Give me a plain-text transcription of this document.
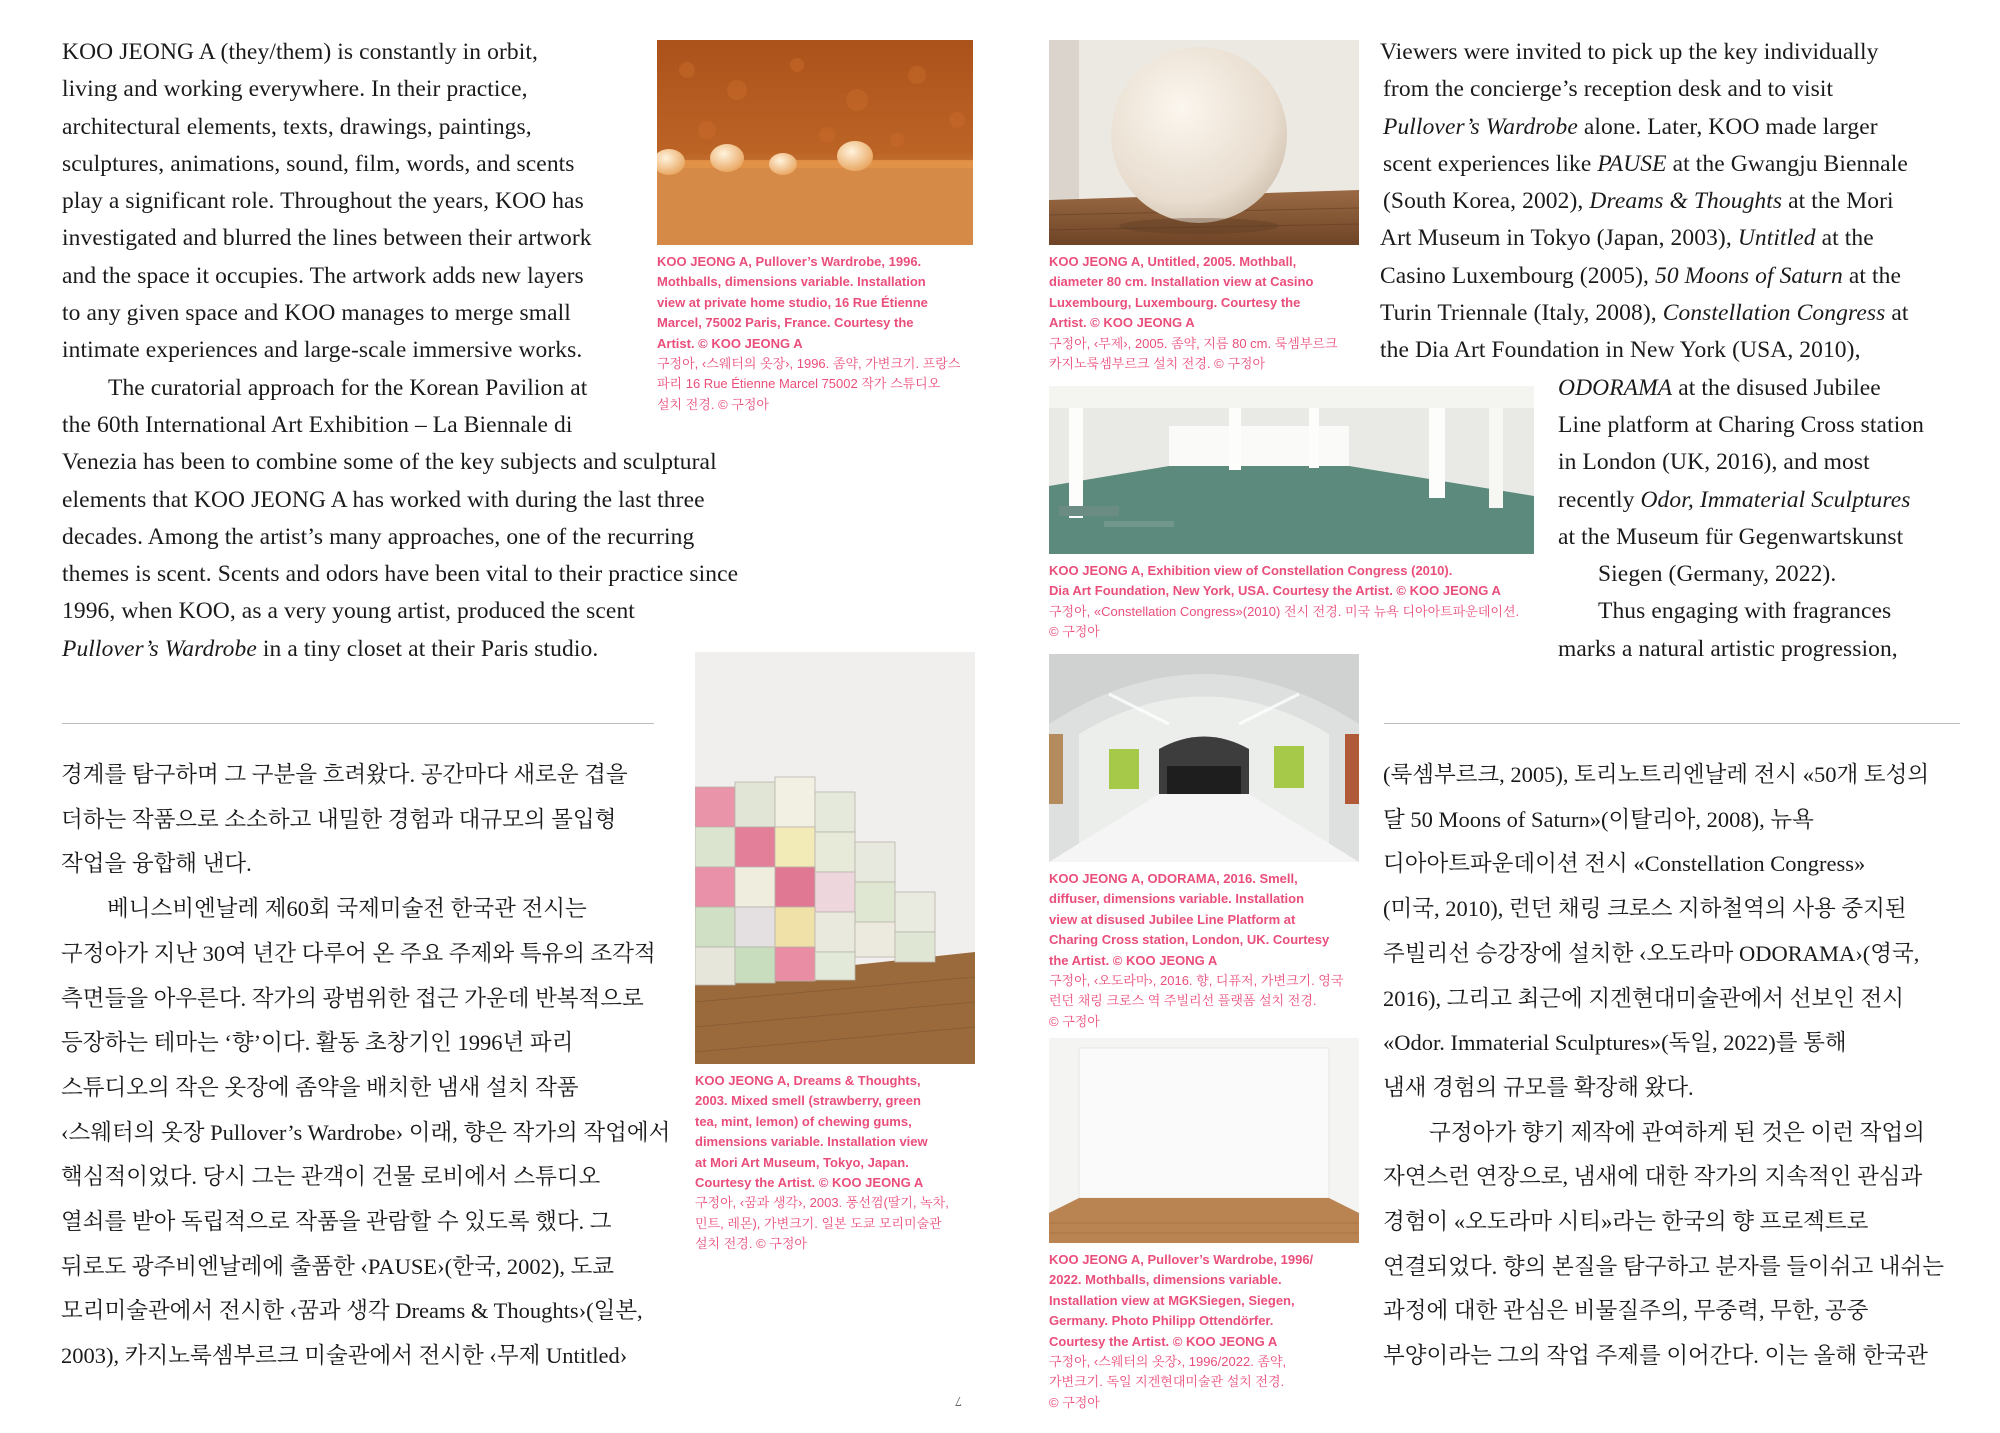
KOO JEONG A (they/them) is constantly in orbit,

living and working everywhere. In their practice,

architectural elements, texts, drawings, paintings,

sculptures, animations, sound, film, words, and scents

play a significant role. Throughout the years, KOO has

investigated and blurred the lines between their artwork

and the space it occupies. The artwork adds new layers

to any given space and KOO manages to merge small

intimate experiences and large-scale immersive works.

The curatorial approach for the Korean Pavilion at

the 60th International Art Exhibition – La Biennale di

Venezia has been to combine some of the key subjects and sculptural

elements that KOO JEONG A has worked with during the last three

decades. Among the artist’s many approaches, one of the recurring

themes is scent. Scents and odors have been vital to their practice since

1996, when KOO, as a very young artist, produced the scent

Pullover’s Wardrobe in a tiny closet at their Paris studio.

Viewers were invited to pick up the key individually

from the concierge’s reception desk and to visit

Pullover’s Wardrobe alone. Later, KOO made larger

scent experiences like PAUSE at the Gwangju Biennale

(South Korea, 2002), Dreams & Thoughts at the Mori

Art Museum in Tokyo (Japan, 2003), Untitled at the

Casino Luxembourg (2005), 50 Moons of Saturn at the

Turin Triennale (Italy, 2008), Constellation Congress at

the Dia Art Foundation in New York (USA, 2010),

ODORAMA at the disused Jubilee

Line platform at Charing Cross station

in London (UK, 2016), and most

recently Odor, Immaterial Sculptures

at the Museum für Gegenwartskunst

Siegen (Germany, 2022).

Thus engaging with fragrances

marks a natural artistic progression,

경계를 탐구하며 그 구분을 흐려왔다. 공간마다 새로운 겹을

더하는 작품으로 소소하고 내밀한 경험과 대규모의 몰입형

작업을 융합해 낸다.

베니스비엔날레 제60회 국제미술전 한국관 전시는

구정아가 지난 30여 년간 다루어 온 주요 주제와 특유의 조각적

측면들을 아우른다. 작가의 광범위한 접근 가운데 반복적으로

등장하는 테마는 ‘향’이다. 활동 초창기인 1996년 파리

스튜디오의 작은 옷장에 좀약을 배치한 냄새 설치 작품

‹스웨터의 옷장 Pullover’s Wardrobe› 이래, 향은 작가의 작업에서

핵심적이었다. 당시 그는 관객이 건물 로비에서 스튜디오

열쇠를 받아 독립적으로 작품을 관람할 수 있도록 했다. 그

뒤로도 광주비엔날레에 출품한 ‹PAUSE›(한국, 2002), 도쿄

모리미술관에서 전시한 ‹꿈과 생각 Dreams & Thoughts›(일본,

2003), 카지노룩셈부르크 미술관에서 전시한 ‹무제 Untitled›

(룩셈부르크, 2005), 토리노트리엔날레 전시 «50개 토성의

달 50 Moons of Saturn»(이탈리아, 2008), 뉴욕

디아아트파운데이션 전시 «Constellation Congress»

(미국, 2010), 런던 채링 크로스 지하철역의 사용 중지된

주빌리선 승강장에 설치한 ‹오도라마 ODORAMA›(영국,

2016), 그리고 최근에 지겐현대미술관에서 선보인 전시

«Odor. Immaterial Sculptures»(독일, 2022)를 통해

냄새 경험의 규모를 확장해 왔다.

구정아가 향기 제작에 관여하게 된 것은 이런 작업의

자연스런 연장으로, 냄새에 대한 작가의 지속적인 관심과

경험이 «오도라마 시티»라는 한국의 향 프로젝트로

연결되었다. 향의 본질을 탐구하고 분자를 들이쉬고 내쉬는

과정에 대한 관심은 비물질주의, 무중력, 무한, 공중

부양이라는 그의 작업 주제를 이어간다. 이는 올해 한국관

KOO JEONG A, Pullover’s Wardrobe, 1996.

Mothballs, dimensions variable. Installation

view at private home studio, 16 Rue Étienne

Marcel, 75002 Paris, France. Courtesy the

Artist. © KOO JEONG A

구정아, ‹스웨터의 옷장›, 1996. 좀약, 가변크기. 프랑스

파리 16 Rue Étienne Marcel 75002 작가 스튜디오

설치 전경. © 구정아

KOO JEONG A, Untitled, 2005. Mothball,

diameter 80 cm. Installation view at Casino

Luxembourg, Luxembourg. Courtesy the

Artist. © KOO JEONG A

구정아, ‹무제›, 2005. 좀약, 지름 80 cm. 룩셈부르크

카지노룩셈부르크 설치 전경. © 구정아

KOO JEONG A, Exhibition view of Constellation Congress (2010).

Dia Art Foundation, New York, USA. Courtesy the Artist. © KOO JEONG A

구정아, «Constellation Congress»(2010) 전시 전경. 미국 뉴욕 디아아트파운데이션.

© 구정아

KOO JEONG A, ODORAMA, 2016. Smell,

diffuser, dimensions variable. Installation

view at disused Jubilee Line Platform at

Charing Cross station, London, UK. Courtesy

the Artist. © KOO JEONG A

구정아, ‹오도라마›, 2016. 향, 디퓨저, 가변크기. 영국

런던 채링 크로스 역 주빌리선 플랫폼 설치 전경.

© 구정아

KOO JEONG A, Dreams & Thoughts,

2003. Mixed smell (strawberry, green

tea, mint, lemon) of chewing gums,

dimensions variable. Installation view

at Mori Art Museum, Tokyo, Japan.

Courtesy the Artist. © KOO JEONG A

구정아, ‹꿈과 생각›, 2003. 풍선껌(딸기, 녹차,

민트, 레몬), 가변크기. 일본 도쿄 모리미술관

설치 전경. © 구정아

KOO JEONG A, Pullover’s Wardrobe, 1996/

2022. Mothballs, dimensions variable.

Installation view at MGKSiegen, Siegen,

Germany. Photo Philipp Ottendörfer.

Courtesy the Artist. © KOO JEONG A

구정아, ‹스웨터의 옷장›, 1996/2022. 좀약,

가변크기. 독일 지겐현대미술관 설치 전경.

© 구정아

7
